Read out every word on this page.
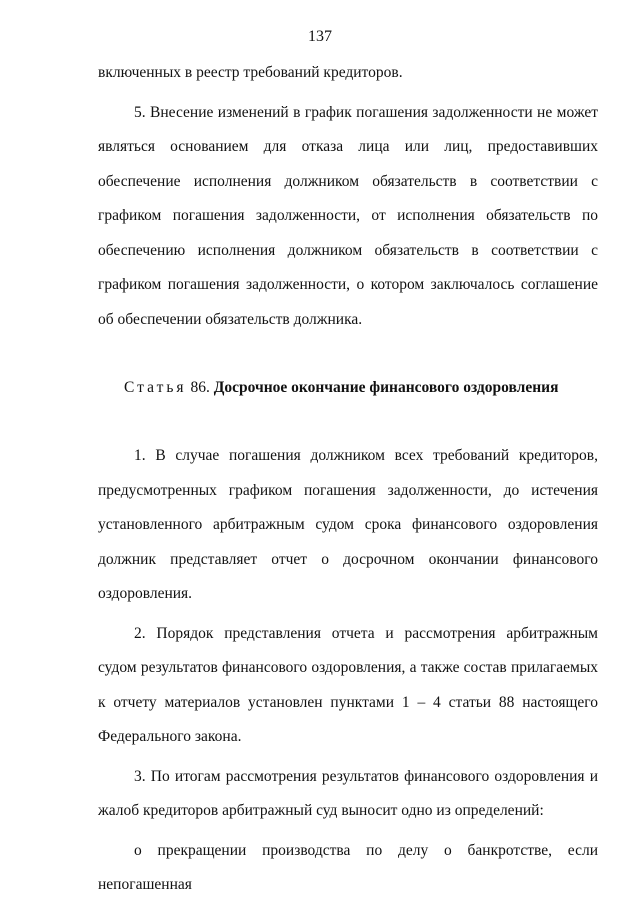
137

включенных в реестр требований кредиторов.

5. Внесение изменений в график погашения задолженности не может являться основанием для отказа лица или лиц, предоставивших обеспечение исполнения должником обязательств в соответствии с графиком погашения задолженности, от исполнения обязательств по обеспечению исполнения должником обязательств в соответствии с графиком погашения задолженности, о котором заключалось соглашение об обеспечении обязательств должника.

Статья 86. Досрочное окончание финансового оздоровления

1. В случае погашения должником всех требований кредиторов, предусмотренных графиком погашения задолженности, до истечения установленного арбитражным судом срока финансового оздоровления должник представляет отчет о досрочном окончании финансового оздоровления.

2. Порядок представления отчета и рассмотрения арбитражным судом результатов финансового оздоровления, а также состав прилагаемых к отчету материалов установлен пунктами 1 – 4 статьи 88 настоящего Федерального закона.

3. По итогам рассмотрения результатов финансового оздоровления и жалоб кредиторов арбитражный суд выносит одно из определений:

о прекращении производства по делу о банкротстве, если непогашенная
